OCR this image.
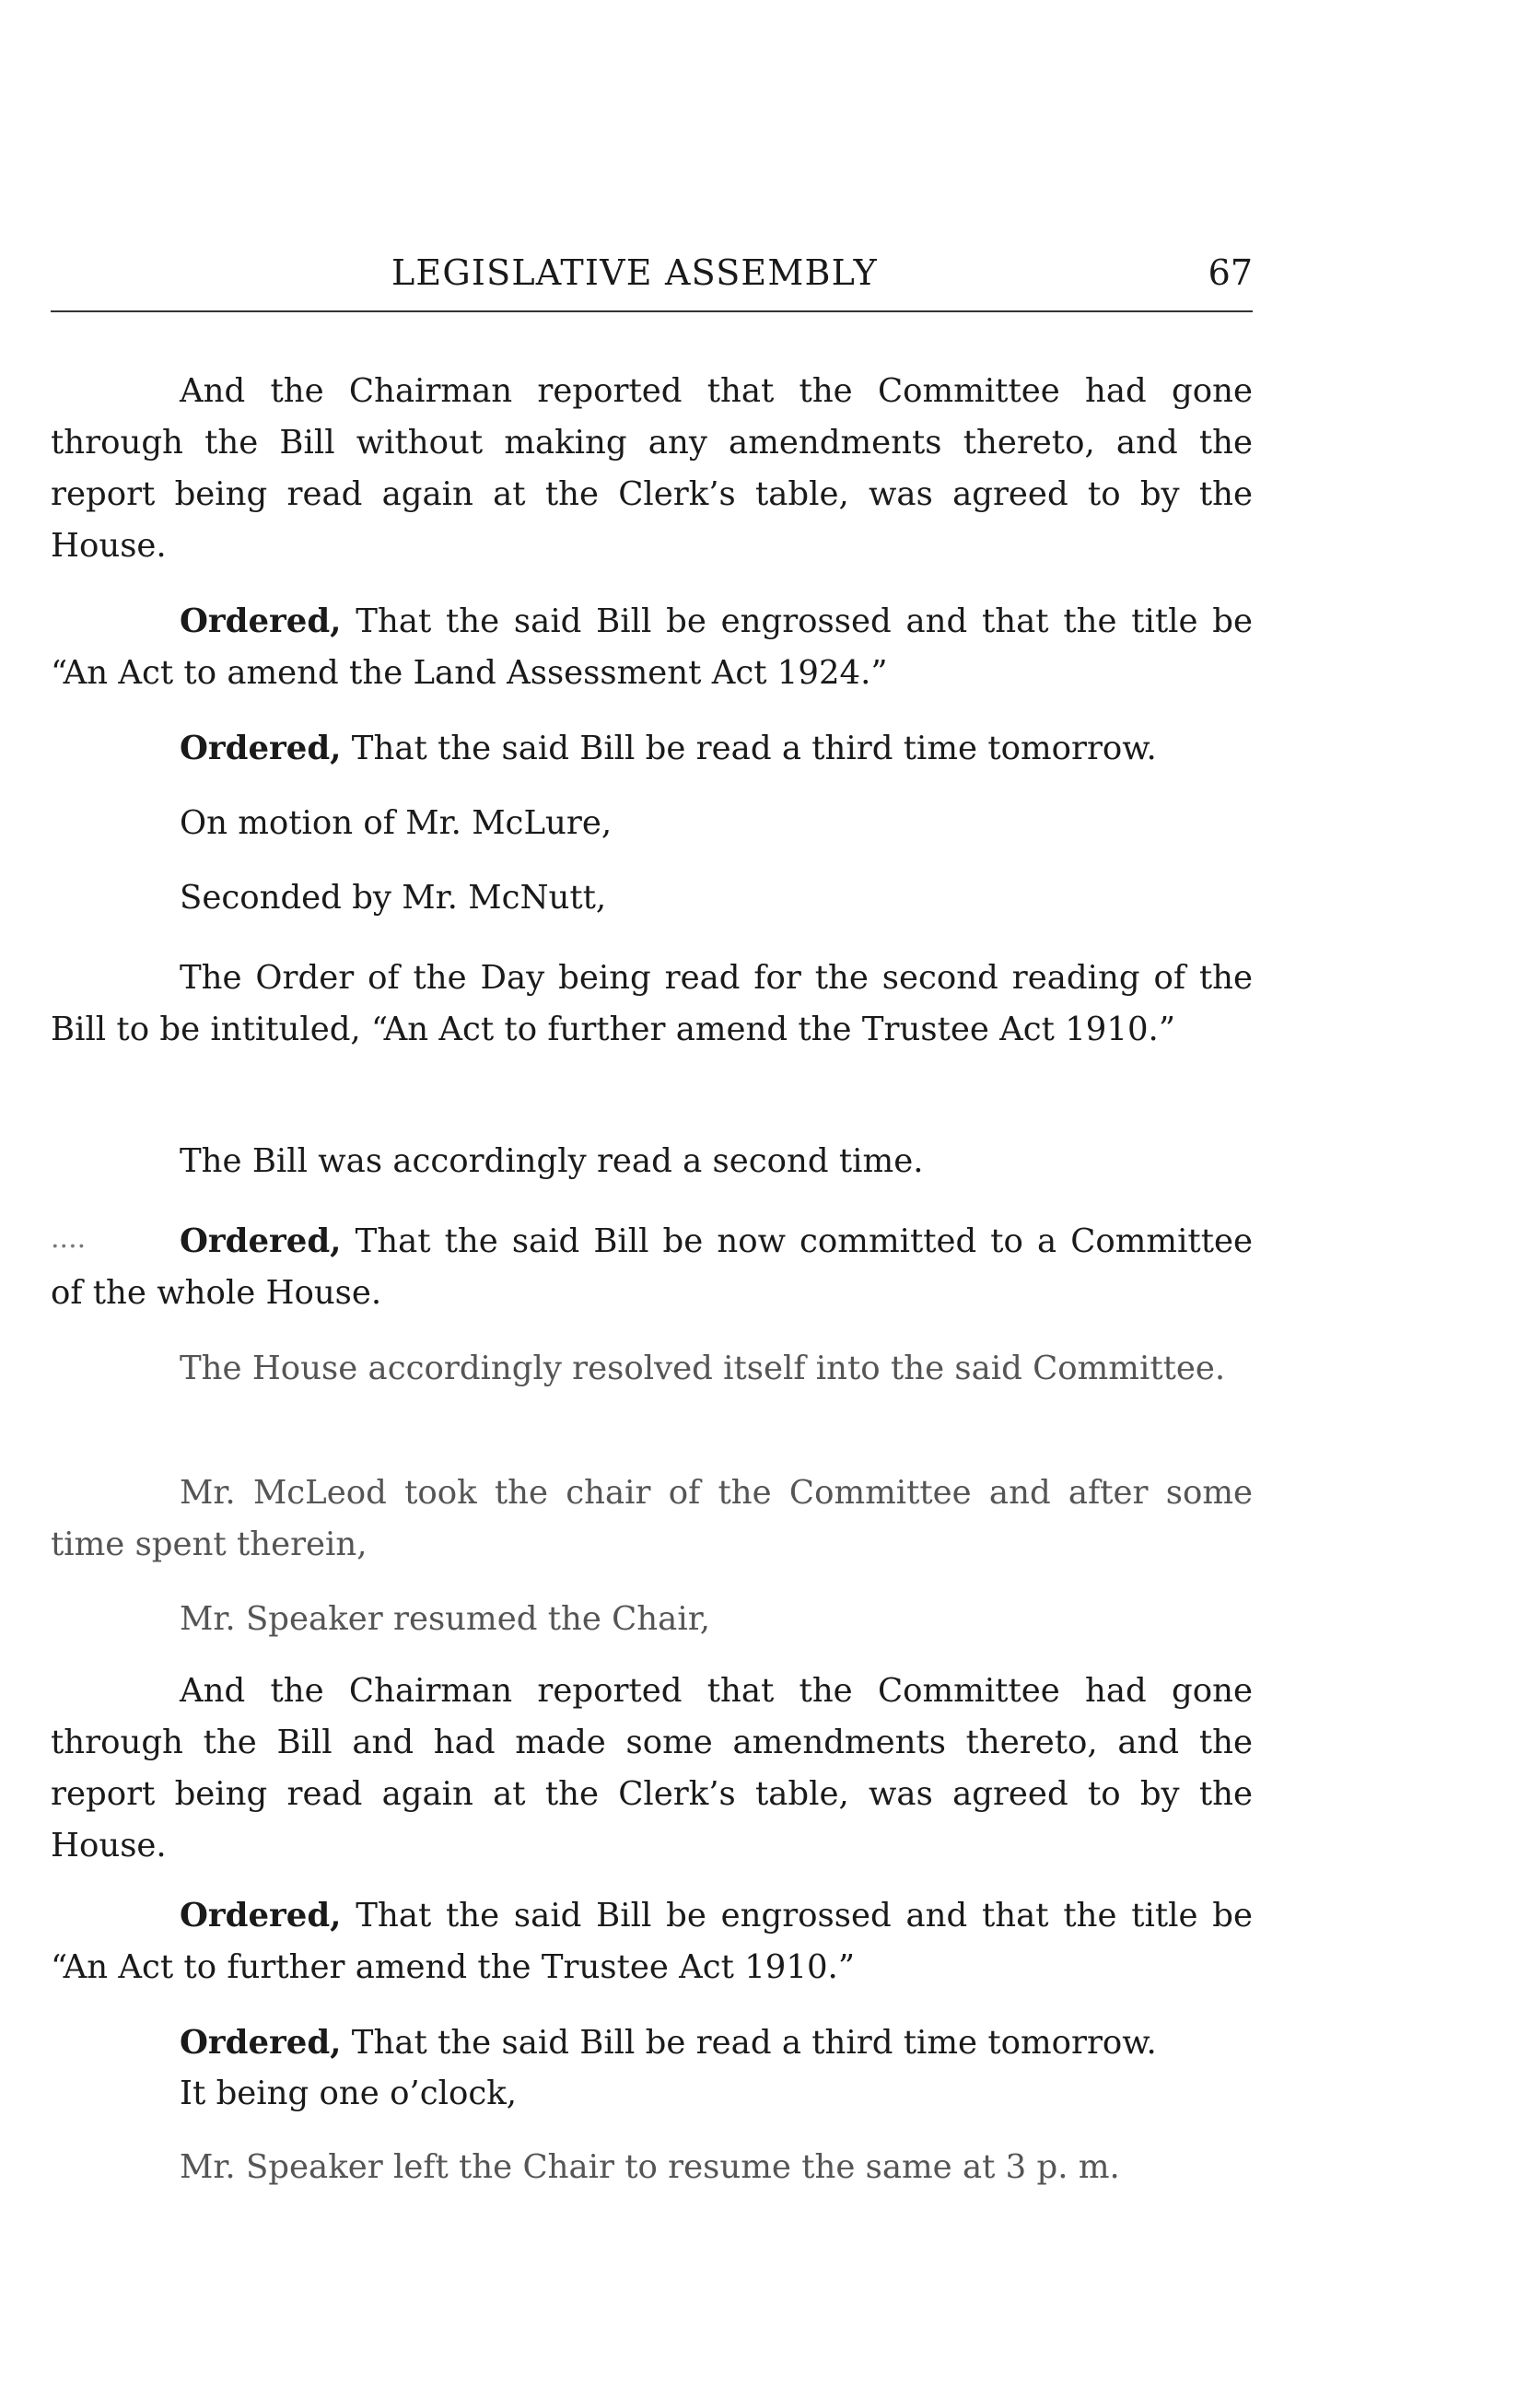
LEGISLATIVE ASSEMBLY	67

And the Chairman reported that the Committee had gone through the Bill without making any amendments thereto, and the report being read again at the Clerk’s table, was agreed to by the House.

Ordered, That the said Bill be engrossed and that the title be “An Act to amend the Land Assessment Act 1924.”

Ordered, That the said Bill be read a third time tomorrow.

On motion of Mr. McLure,

Seconded by Mr. McNutt,

The Order of the Day being read for the second reading of the Bill to be intituled, “An Act to further amend the Trustee Act 1910.”

The Bill was accordingly read a second time.

....	Ordered, That the said Bill be now committed to a Committee of the whole House.

The House accordingly resolved itself into the said Committee.

Mr. McLeod took the chair of the Committee and after some time spent therein,

Mr. Speaker resumed the Chair,

And the Chairman reported that the Committee had gone through the Bill and had made some amendments thereto, and the report being read again at the Clerk’s table, was agreed to by the House.

Ordered, That the said Bill be engrossed and that the title be “An Act to further amend the Trustee Act 1910.”

Ordered, That the said Bill be read a third time tomorrow.

It being one o’clock,

Mr. Speaker left the Chair to resume the same at 3 p. m.
